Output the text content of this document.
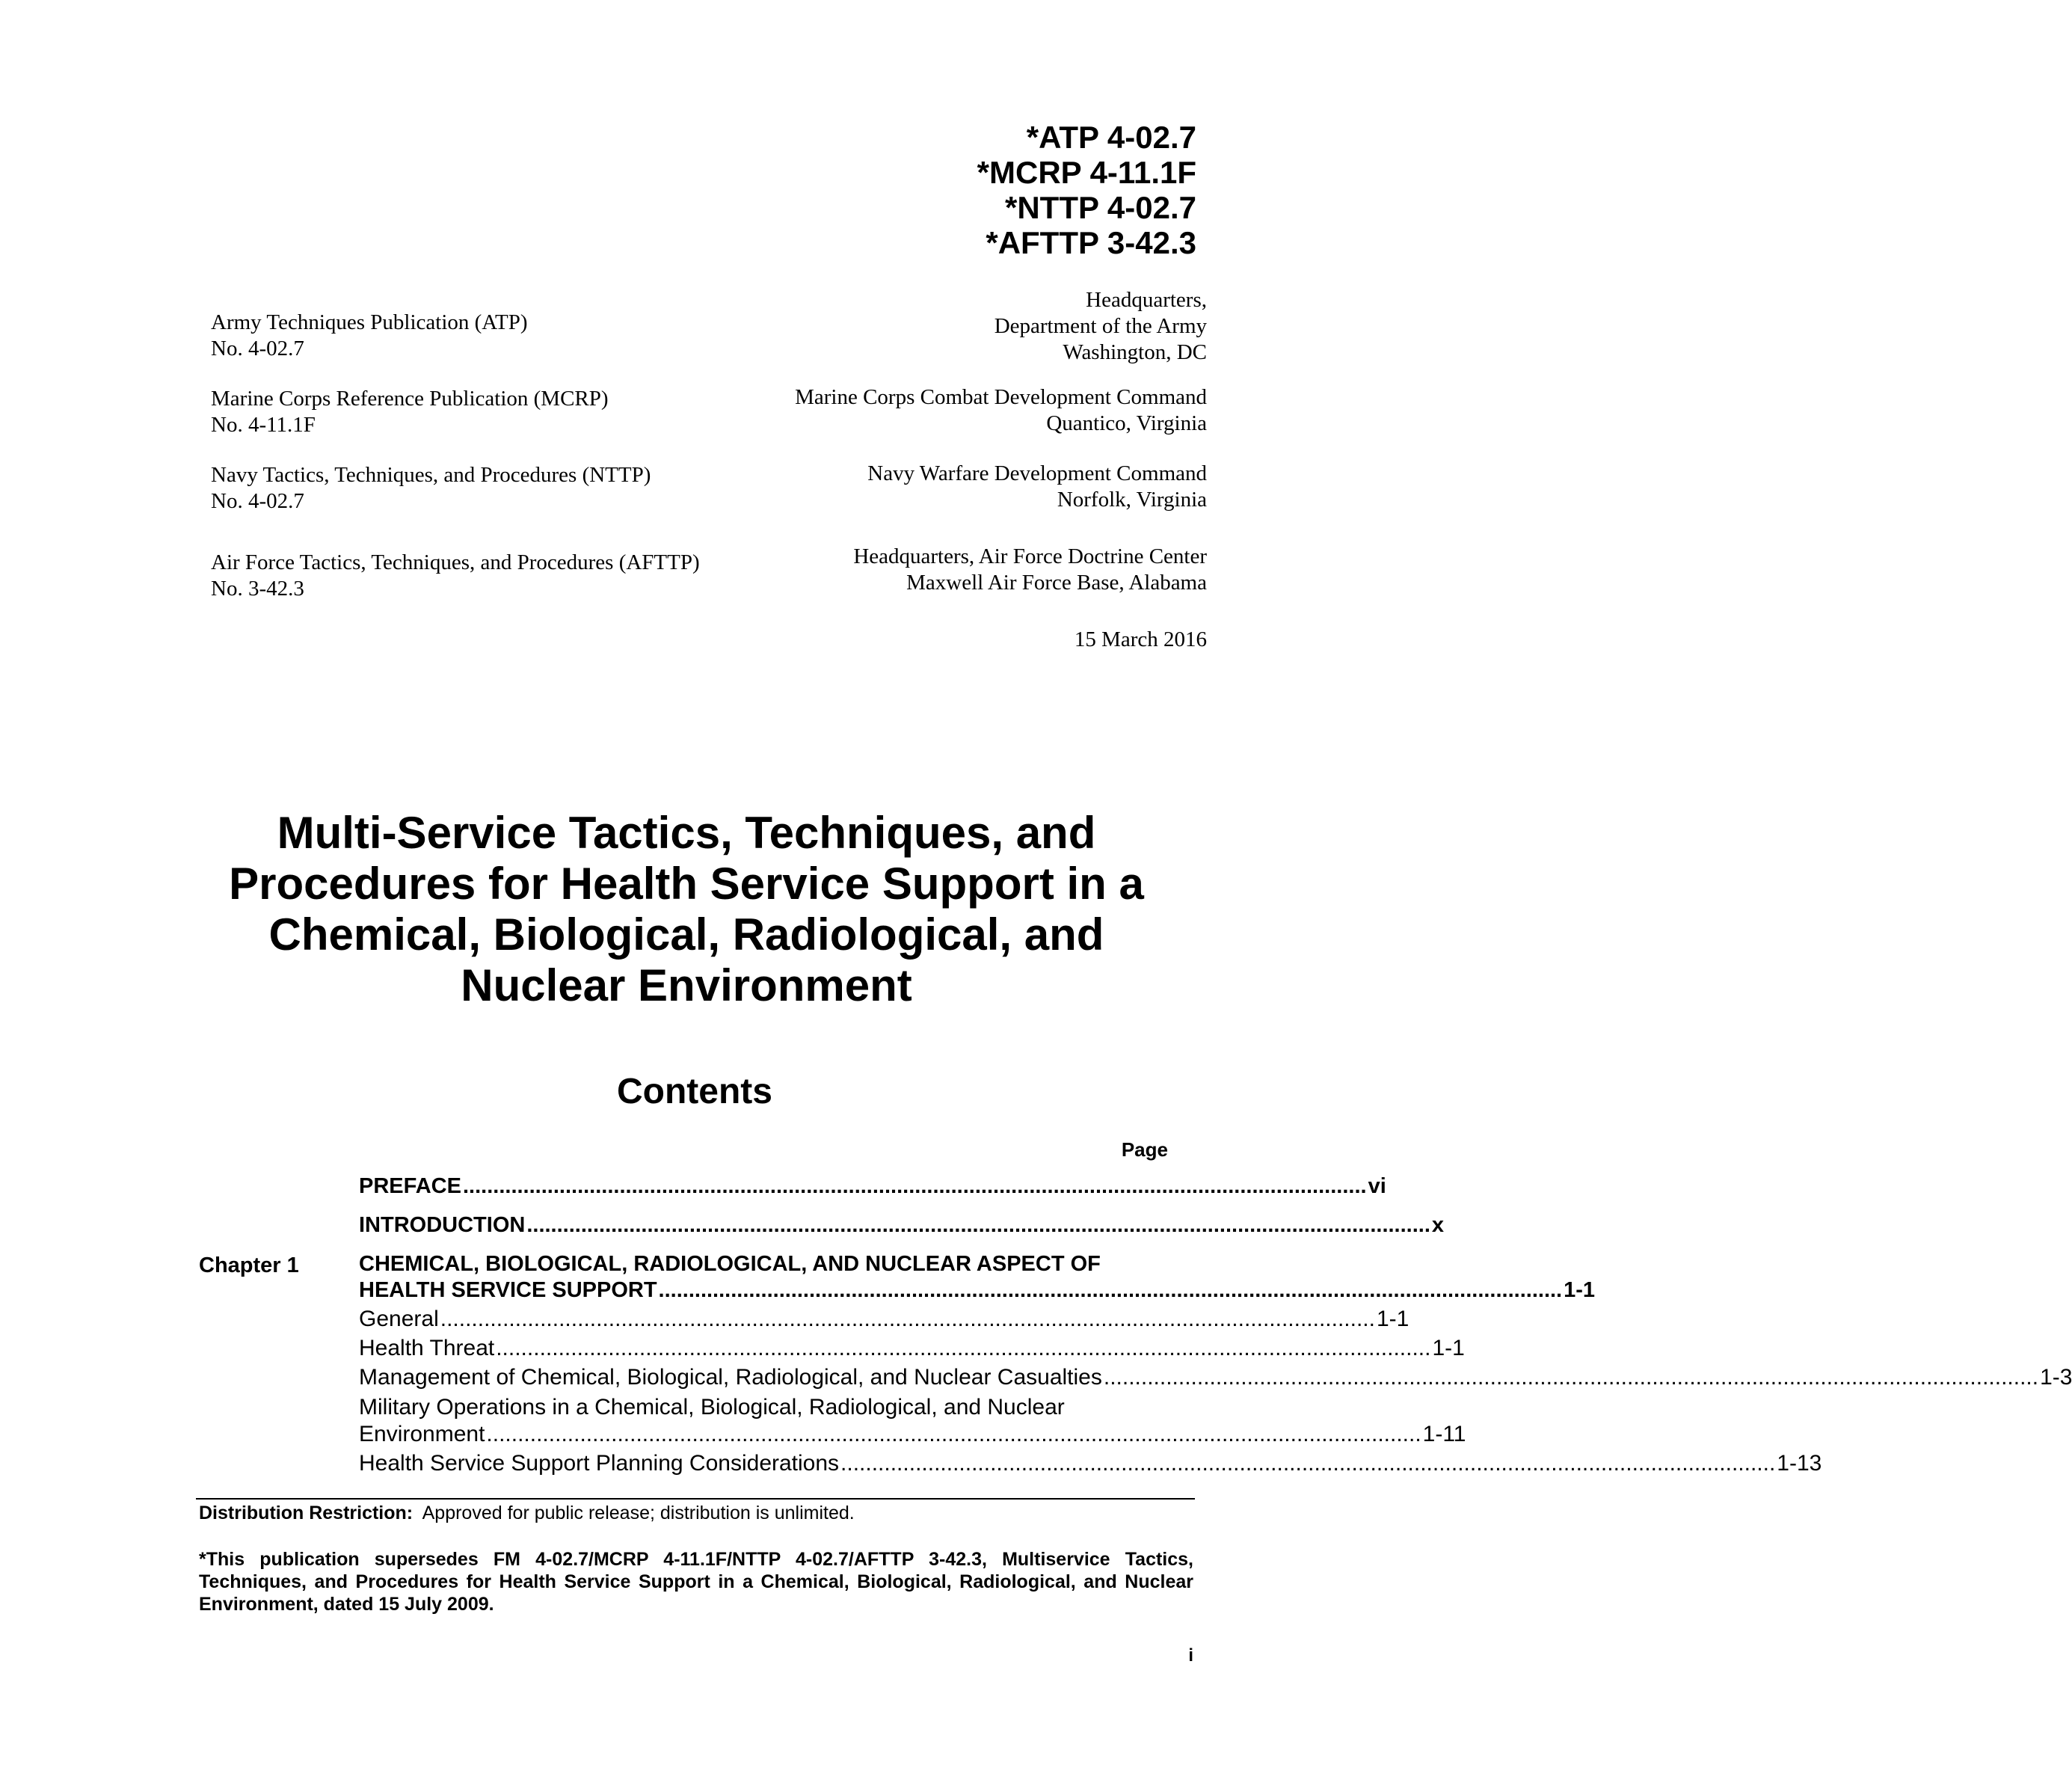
*ATP 4-02.7
*MCRP 4-11.1F
*NTTP 4-02.7
*AFTTP 3-42.3
Army Techniques Publication (ATP)
No. 4-02.7
Marine Corps Reference Publication (MCRP)
No. 4-11.1F
Navy Tactics, Techniques, and Procedures (NTTP)
No. 4-02.7
Air Force Tactics, Techniques, and Procedures (AFTTP)
No. 3-42.3
Headquarters,
Department of the Army
Washington, DC
Marine Corps Combat Development Command
Quantico, Virginia
Navy Warfare Development Command
Norfolk, Virginia
Headquarters, Air Force Doctrine Center
Maxwell Air Force Base, Alabama
15 March 2016
Multi-Service Tactics, Techniques, and
Procedures for Health Service Support in a
Chemical, Biological, Radiological, and
Nuclear Environment
Contents
Page
PREFACE ...................................................................................................................................................... vi
INTRODUCTION ...................................................................................................................................................... x
Chapter 1	CHEMICAL, BIOLOGICAL, RADIOLOGICAL, AND NUCLEAR ASPECT OF
HEALTH SERVICE SUPPORT ...................................................................................................................................................... 1-1
General ...................................................................................................................................................... 1-1
Health Threat ...................................................................................................................................................... 1-1
Management of Chemical, Biological, Radiological, and Nuclear Casualties ...................................................................................................................................................... 1-3
Military Operations in a Chemical, Biological, Radiological, and Nuclear
Environment ...................................................................................................................................................... 1-11
Health Service Support Planning Considerations ...................................................................................................................................................... 1-13
Distribution Restriction: Approved for public release; distribution is unlimited.
*This publication supersedes FM 4-02.7/MCRP 4-11.1F/NTTP 4-02.7/AFTTP 3-42.3, Multiservice Tactics, Techniques, and Procedures for Health Service Support in a Chemical, Biological, Radiological, and Nuclear Environment, dated 15 July 2009.
i
